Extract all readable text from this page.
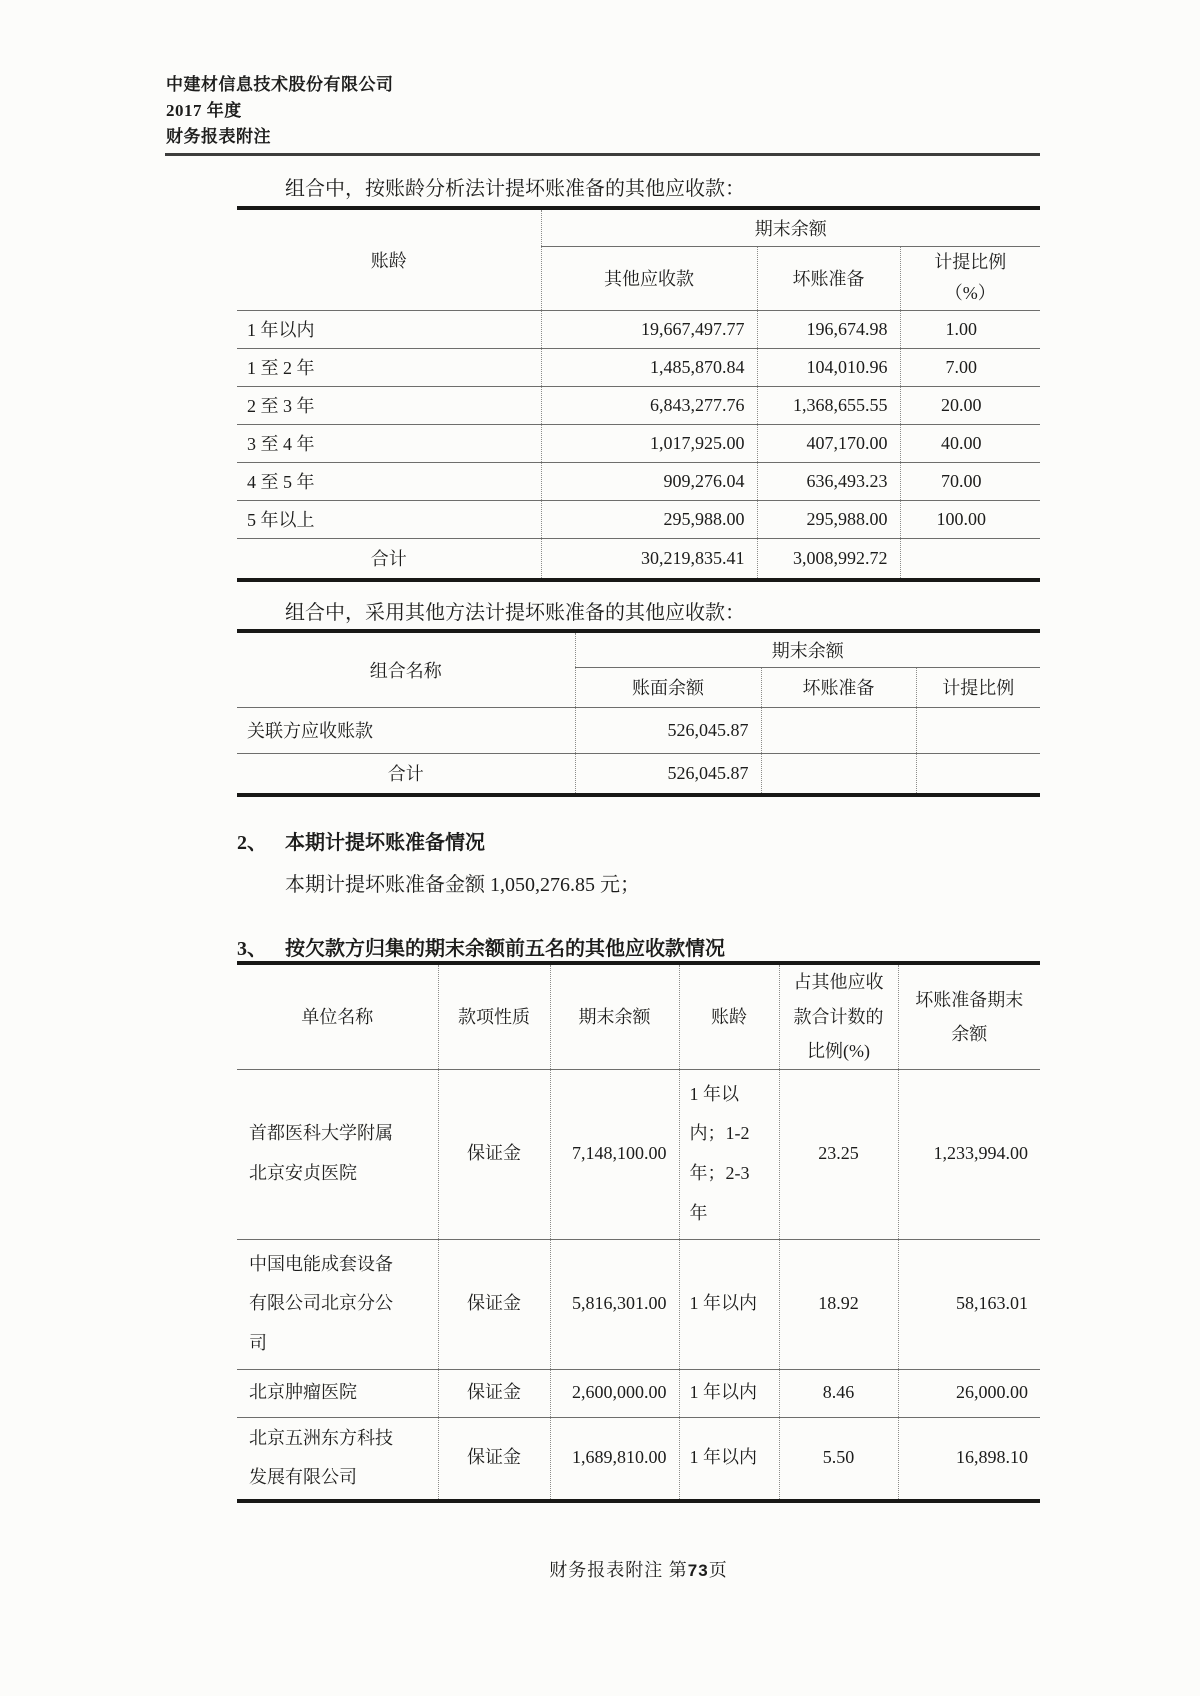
中建材信息技术股份有限公司
2017 年度
财务报表附注
组合中，按账龄分析法计提坏账准备的其他应收款：
账龄	期末余额		
	其他应收款	坏账准备	计提比例
（%）

1 年以内	19,667,497.77	196,674.98	1.00
1 至 2 年	1,485,870.84	104,010.96	7.00
2 至 3 年	6,843,277.76	1,368,655.55	20.00
3 至 4 年	1,017,925.00	407,170.00	40.00
4 至 5 年	909,276.04	636,493.23	70.00
5 年以上	295,988.00	295,988.00	100.00
合计	30,219,835.41	3,008,992.72	
组合中，采用其他方法计提坏账准备的其他应收款：
组合名称	期末余额		
	账面余额	坏账准备	计提比例
关联方应收账款	526,045.87		
合计	526,045.87		
2、 本期计提坏账准备情况
本期计提坏账准备金额 1,050,276.85 元；
3、 按欠款方归集的期末余额前五名的其他应收款情况
单位名称	款项性质	期末余额	账龄	占其他应收款合计数的比例(%)	坏账准备期末余额
首都医科大学附属北京安贞医院	保证金	7,148,100.00	1 年以内；1-2 年；2-3 年	23.25	1,233,994.00
中国电能成套设备有限公司北京分公司	保证金	5,816,301.00	1 年以内	18.92	58,163.01
北京肿瘤医院	保证金	2,600,000.00	1 年以内	8.46	26,000.00
北京五洲东方科技发展有限公司	保证金	1,689,810.00	1 年以内	5.50	16,898.10
财务报表附注 第73页
